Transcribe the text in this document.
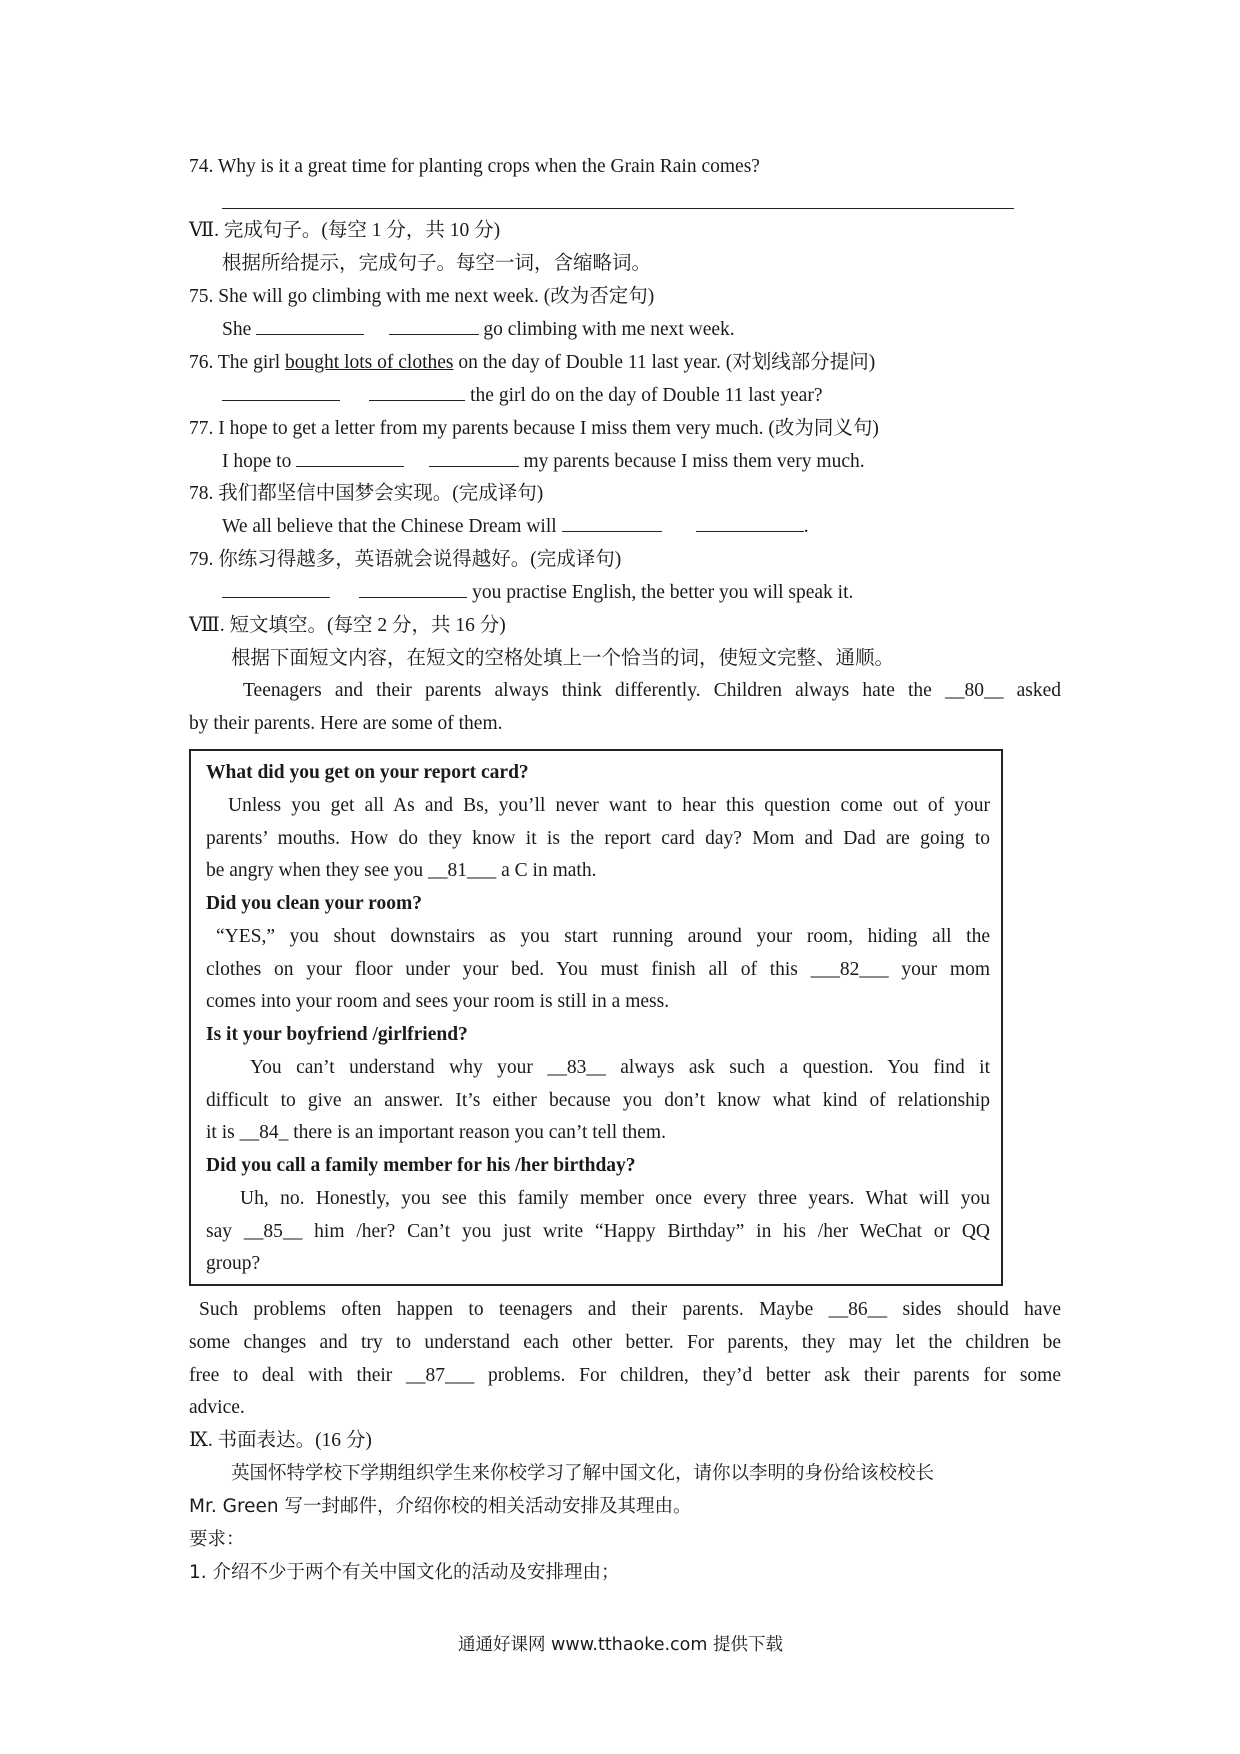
74. Why is it a great time for planting crops when the Grain Rain comes?
Ⅶ. 完成句子。(每空 1 分，共 10 分)
根据所给提示，完成句子。每空一词，含缩略词。
75. She will go climbing with me next week. (改为否定句)
She	go climbing with me next week.
76. The girl bought lots of clothes on the day of Double 11 last year. (对划线部分提问)
the girl do on the day of Double 11 last year?
77. I hope to get a letter from my parents because I miss them very much. (改为同义句)
I hope to	my parents because I miss them very much.
78. 我们都坚信中国梦会实现。(完成译句)
We all believe that the Chinese Dream will	.
79. 你练习得越多，英语就会说得越好。(完成译句)
you practise English, the better you will speak it.
Ⅷ. 短文填空。(每空 2 分，共 16 分)
根据下面短文内容，在短文的空格处填上一个恰当的词，使短文完整、通顺。
Teenagers and their parents always think differently. Children always hate the __80__ asked
by their parents. Here are some of them.
What did you get on your report card?
Unless you get all As and Bs, you’ll never want to hear this question come out of your
parents’ mouths. How do they know it is the report card day? Mom and Dad are going to
be angry when they see you __81___ a C in math.
Did you clean your room?
“YES,” you shout downstairs as you start running around your room, hiding all the
clothes on your floor under your bed. You must finish all of this ___82___ your mom
comes into your room and sees your room is still in a mess.
Is it your boyfriend /girlfriend?
You can’t understand why your __83__ always ask such a question. You find it
difficult to give an answer. It’s either because you don’t know what kind of relationship
it is __84_ there is an important reason you can’t tell them.
Did you call a family member for his /her birthday?
Uh, no. Honestly, you see this family member once every three years. What will you
say __85__ him /her? Can’t you just write “Happy Birthday” in his /her WeChat or QQ
group?
Such problems often happen to teenagers and their parents. Maybe __86__ sides should have
some changes and try to understand each other better. For parents, they may let the children be
free to deal with their __87___ problems. For children, they’d better ask their parents for some
advice.
Ⅸ. 书面表达。(16 分)
英国怀特学校下学期组织学生来你校学习了解中国文化，请你以李明的身份给该校校长
Mr. Green 写一封邮件，介绍你校的相关活动安排及其理由。
要求：
1. 介绍不少于两个有关中国文化的活动及安排理由；
通通好课网 www.tthaoke.com 提供下载
